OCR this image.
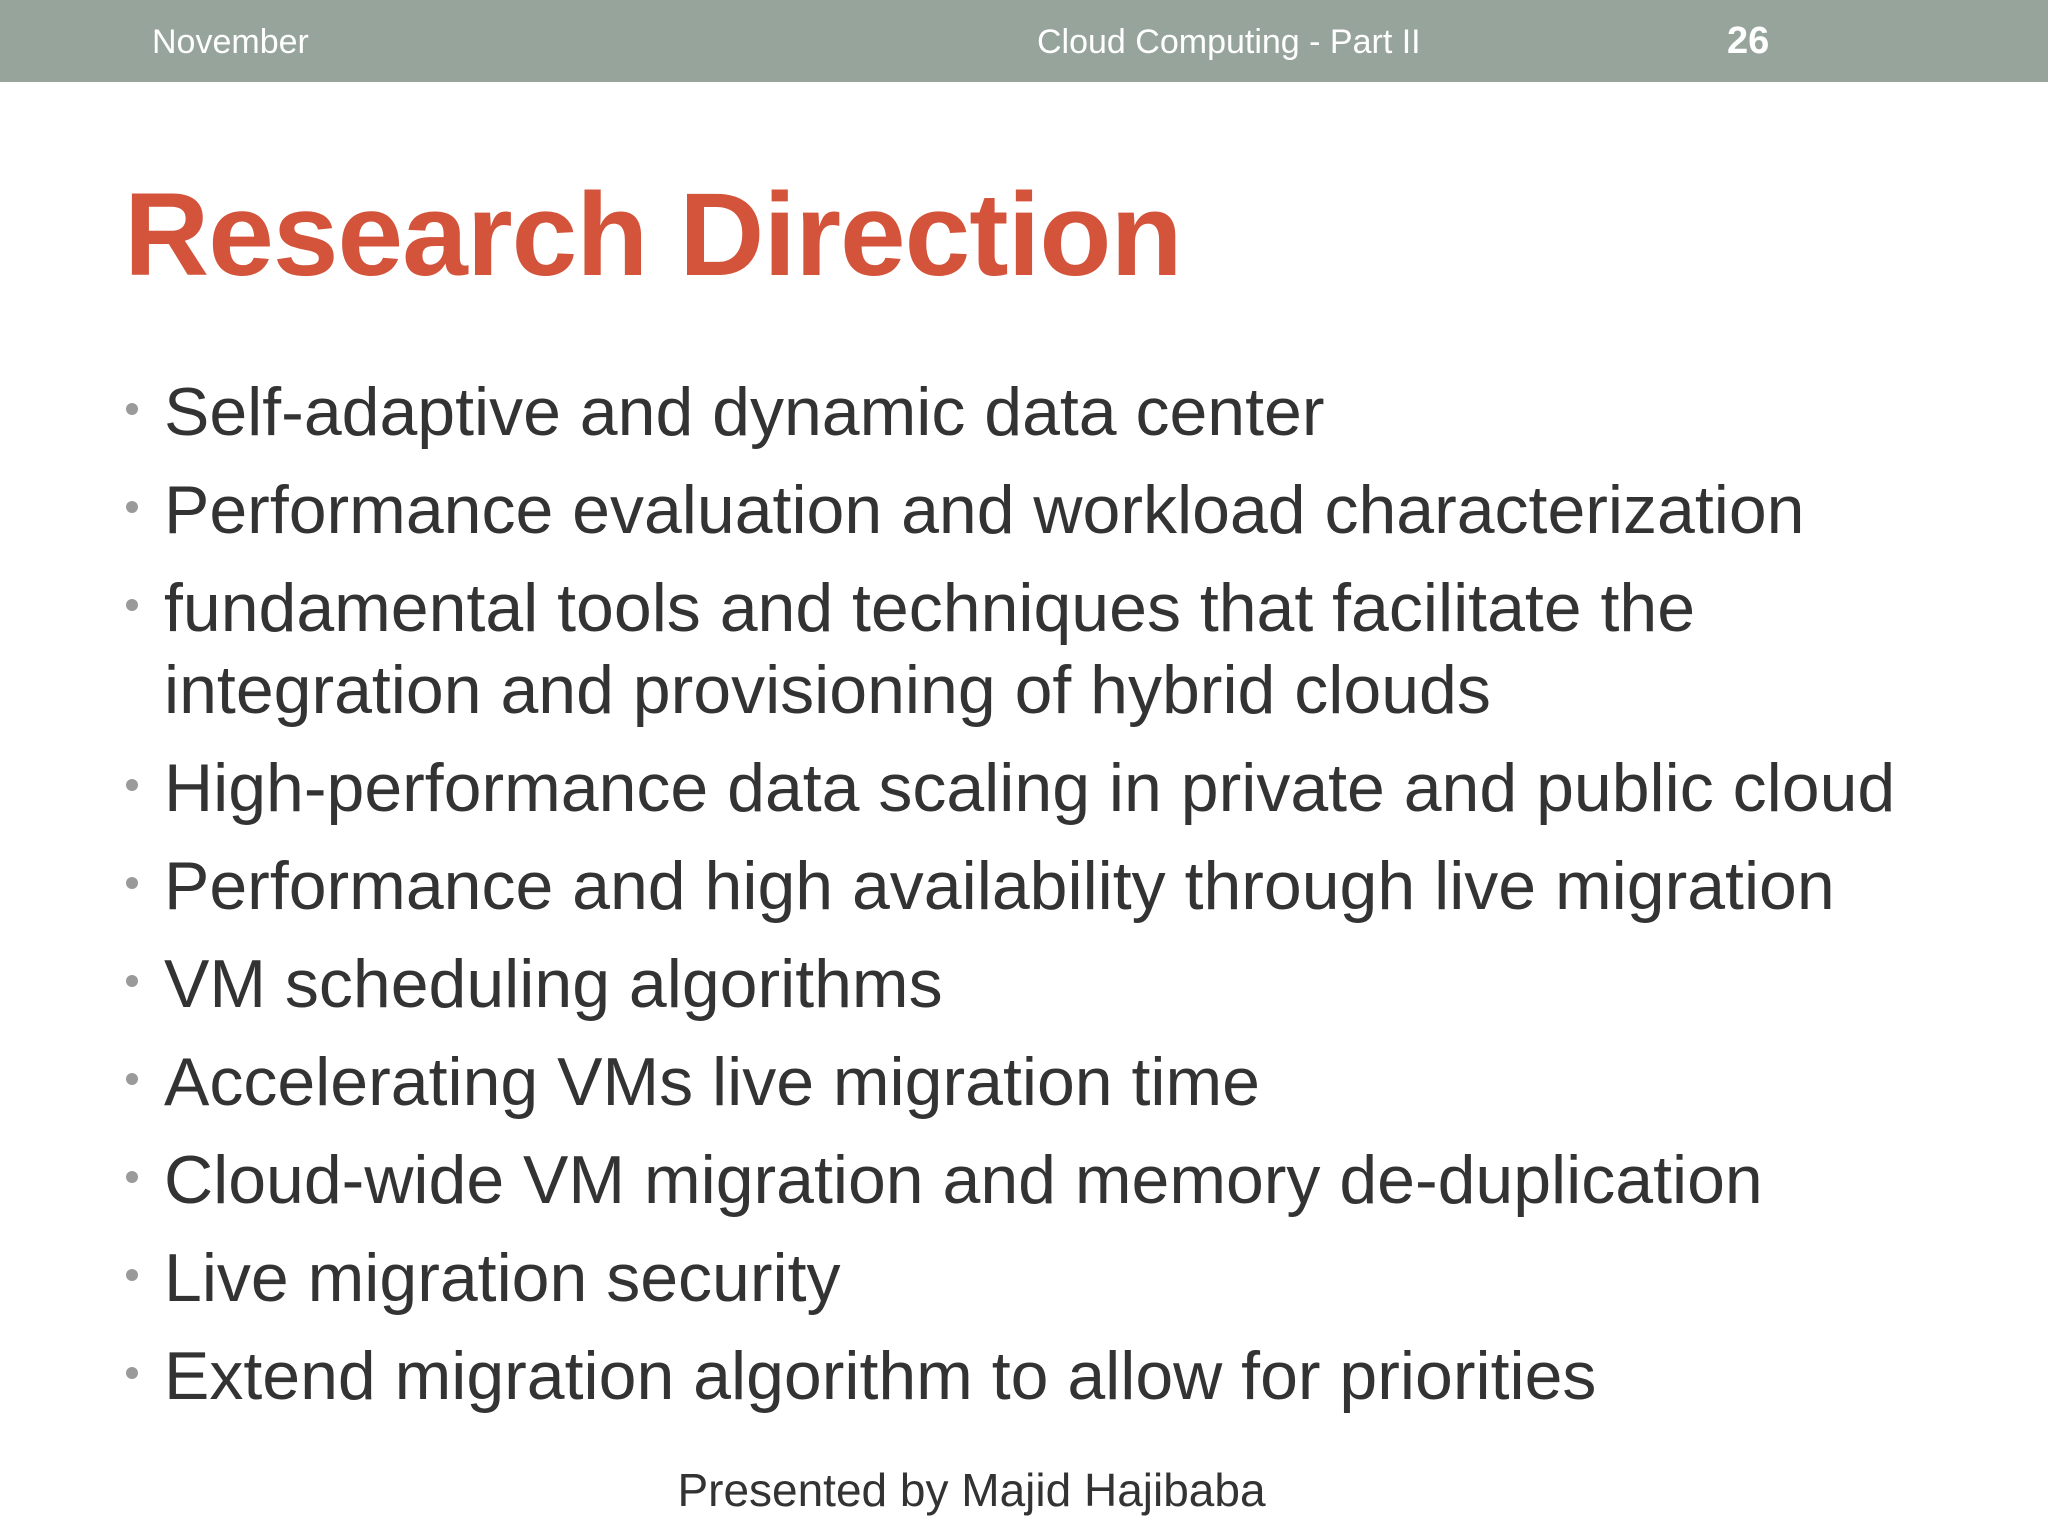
November	Cloud Computing - Part II	26
Research Direction
Self-adaptive and dynamic data center
Performance evaluation and workload characterization
fundamental tools and techniques that facilitate the integration and provisioning of hybrid clouds
High-performance data scaling in private and public cloud
Performance and high availability through live migration
VM scheduling algorithms
Accelerating VMs live migration time
Cloud-wide VM migration and memory de-duplication
Live migration security
Extend migration algorithm to allow for priorities
Presented by Majid Hajibaba
